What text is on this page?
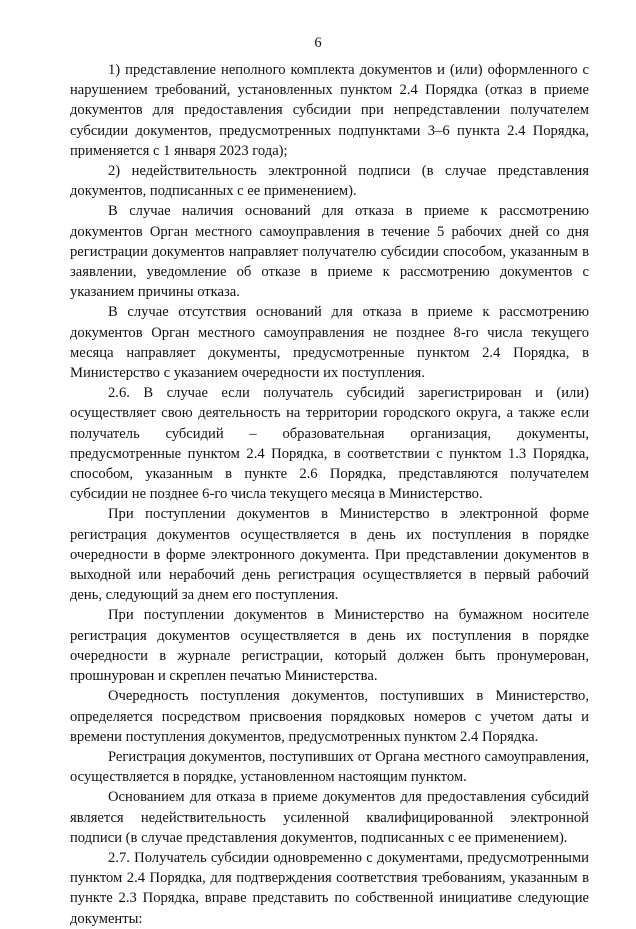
6

1) представление неполного комплекта документов и (или) оформленного с нарушением требований, установленных пунктом 2.4 Порядка (отказ в приеме документов для предоставления субсидии при непредставлении получателем субсидии документов, предусмотренных подпунктами 3–6 пункта 2.4 Порядка, применяется с 1 января 2023 года);

2) недействительность электронной подписи (в случае представления документов, подписанных с ее применением).

В случае наличия оснований для отказа в приеме к рассмотрению документов Орган местного самоуправления в течение 5 рабочих дней со дня регистрации документов направляет получателю субсидии способом, указанным в заявлении, уведомление об отказе в приеме к рассмотрению документов с указанием причины отказа.

В случае отсутствия оснований для отказа в приеме к рассмотрению документов Орган местного самоуправления не позднее 8-го числа текущего месяца направляет документы, предусмотренные пунктом 2.4 Порядка, в Министерство с указанием очередности их поступления.

2.6. В случае если получатель субсидий зарегистрирован и (или) осуществляет свою деятельность на территории городского округа, а также если получатель субсидий – образовательная организация, документы, предусмотренные пунктом 2.4 Порядка, в соответствии с пунктом 1.3 Порядка, способом, указанным в пункте 2.6 Порядка, представляются получателем субсидии не позднее 6-го числа текущего месяца в Министерство.

При поступлении документов в Министерство в электронной форме регистрация документов осуществляется в день их поступления в порядке очередности в форме электронного документа. При представлении документов в выходной или нерабочий день регистрация осуществляется в первый рабочий день, следующий за днем его поступления.

При поступлении документов в Министерство на бумажном носителе регистрация документов осуществляется в день их поступления в порядке очередности в журнале регистрации, который должен быть пронумерован, прошнурован и скреплен печатью Министерства.

Очередность поступления документов, поступивших в Министерство, определяется посредством присвоения порядковых номеров с учетом даты и времени поступления документов, предусмотренных пунктом 2.4 Порядка.

Регистрация документов, поступивших от Органа местного самоуправления, осуществляется в порядке, установленном настоящим пунктом.

Основанием для отказа в приеме документов для предоставления субсидий является недействительность усиленной квалифицированной электронной подписи (в случае представления документов, подписанных с ее применением).

2.7. Получатель субсидии одновременно с документами, предусмотренными пунктом 2.4 Порядка, для подтверждения соответствия требованиям, указанным в пункте 2.3 Порядка, вправе представить по собственной инициативе следующие документы:
